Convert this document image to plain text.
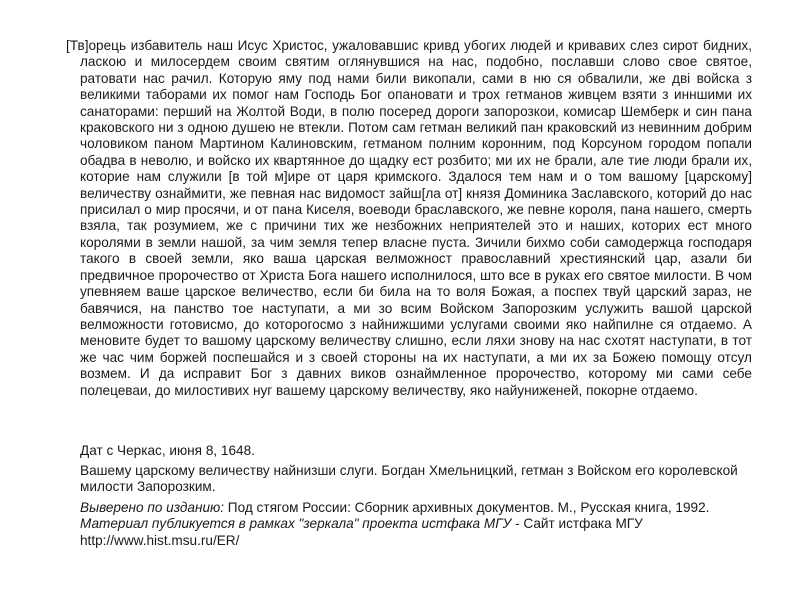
[Тв]орець избавитель наш Исус Христос, ужаловавшис кривд убогих людей и кривавих слез сирот бидних, ласкою и милосердем своим святим оглянувшися на нас, подобно, пославши слово свое святое, ратовати нас рачил. Которую яму под нами били викопали, сами в ню ся обвалили, же двi войска з великими таборами их помог нам Господь Бог опановати и трох гетманов живцем взяти з инншими их санаторами: перший на Жолтой Води, в полю посеред дороги запорозкои, комисар Шемберк и син пана краковского ни з одною душею не втекли. Потом сам гетман великий пан краковский из невинним добрим чоловиком паном Мартином Калиновским, гетманом полним коронним, под Корсуном городом попали обадва в неволю, и войско их квартянное до щадку ест розбито; ми их не брали, але тие люди брали их, которие нам служили [в той м]ире от царя кримского. Здалося тем нам и о том вашому [царскому] величеству ознаймити, же певная нас видомост зайш[ла от] князя Доминика Заславского, которий до нас присилал о мир просячи, и от пана Киселя, воеводи браславского, же певне короля, пана нашего, смерть взяла, так розумием, же с причини тих же незбожних неприятелей это и наших, которих ест много королями в земли нашой, за чим земля тепер власне пуста. Зичили бихмо соби самодержца господаря такого в своей земли, яко ваша царская велможност православний хрестиянский цар, азали би предвичное пророчество от Христа Бога нашего исполнилося, што все в руках его святое милости. В чом упевняем ваше царское величество, если би била на то воля Божая, а поспех твуй царский зараз, не бавячися, на панство тое наступати, а ми зо всим Войском Запорозким услужить вашой царской велможности готовисмо, до которогосмо з найнижшими услугами своими яко найпилне ся отдаемо. А меновите будет то вашому царскому величеству слишно, если ляхи знову на нас схотят наступати, в тот же час чим боржей поспешайся и з своей стороны на их наступати, а ми их за Божею помощу отсул возмем. И да исправит Бог з давних виков ознаймленное пророчество, которому ми сами себе полецеваи, до милостивих нуг вашему царскому величеству, яко найуниженей, покорне отдаемо.

Дат с Черкас, июня 8, 1648.

Вашему царскому величеству найнизши слуги. Богдан Хмельницкий, гетман з Войском его королевской милости Запорозким.

Выверено по изданию: Под стягом России: Сборник архивных документов. М., Русская книга, 1992. Материал публикуется в рамках "зеркала" проекта истфака МГУ - Сайт истфака МГУ http://www.hist.msu.ru/ER/
